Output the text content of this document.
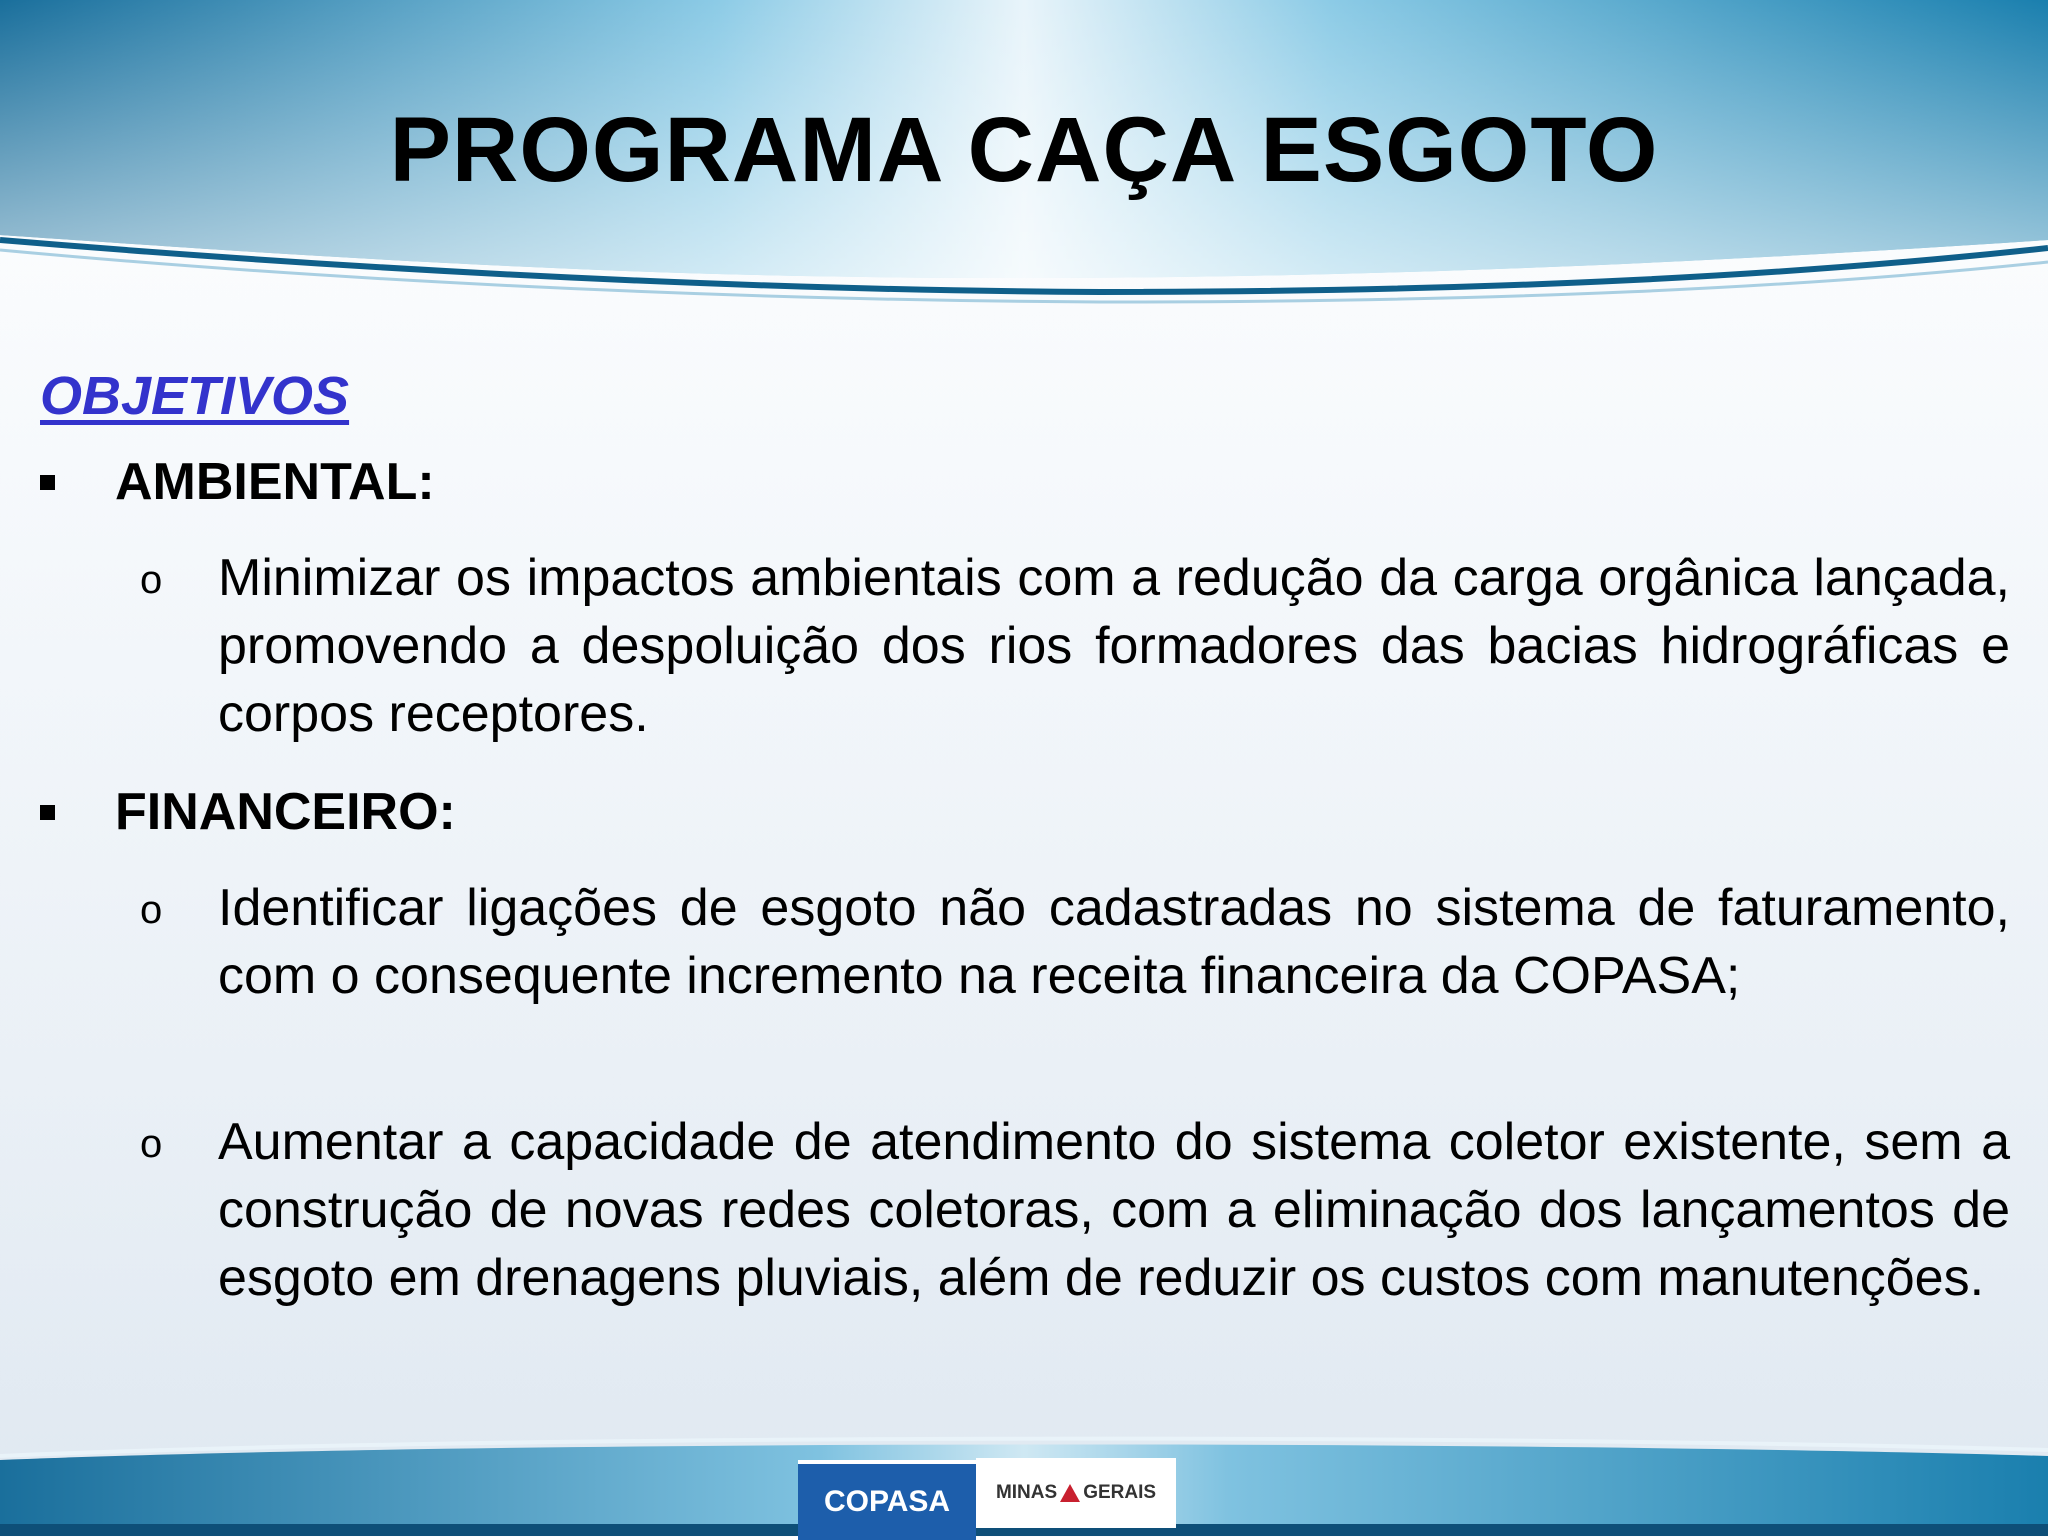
PROGRAMA CAÇA ESGOTO
OBJETIVOS
AMBIENTAL:
o	Minimizar os impactos ambientais com a redução da carga orgânica lançada, promovendo a despoluição dos rios formadores das bacias hidrográficas e corpos receptores.
FINANCEIRO:
o	Identificar ligações de esgoto não cadastradas no sistema de faturamento, com o consequente incremento na receita financeira da COPASA;
o	Aumentar a capacidade de atendimento do sistema coletor existente, sem a construção de novas redes coletoras, com a eliminação dos lançamentos de esgoto em drenagens pluviais, além de reduzir os custos com manutenções.
COPASA MINAS GERAIS
